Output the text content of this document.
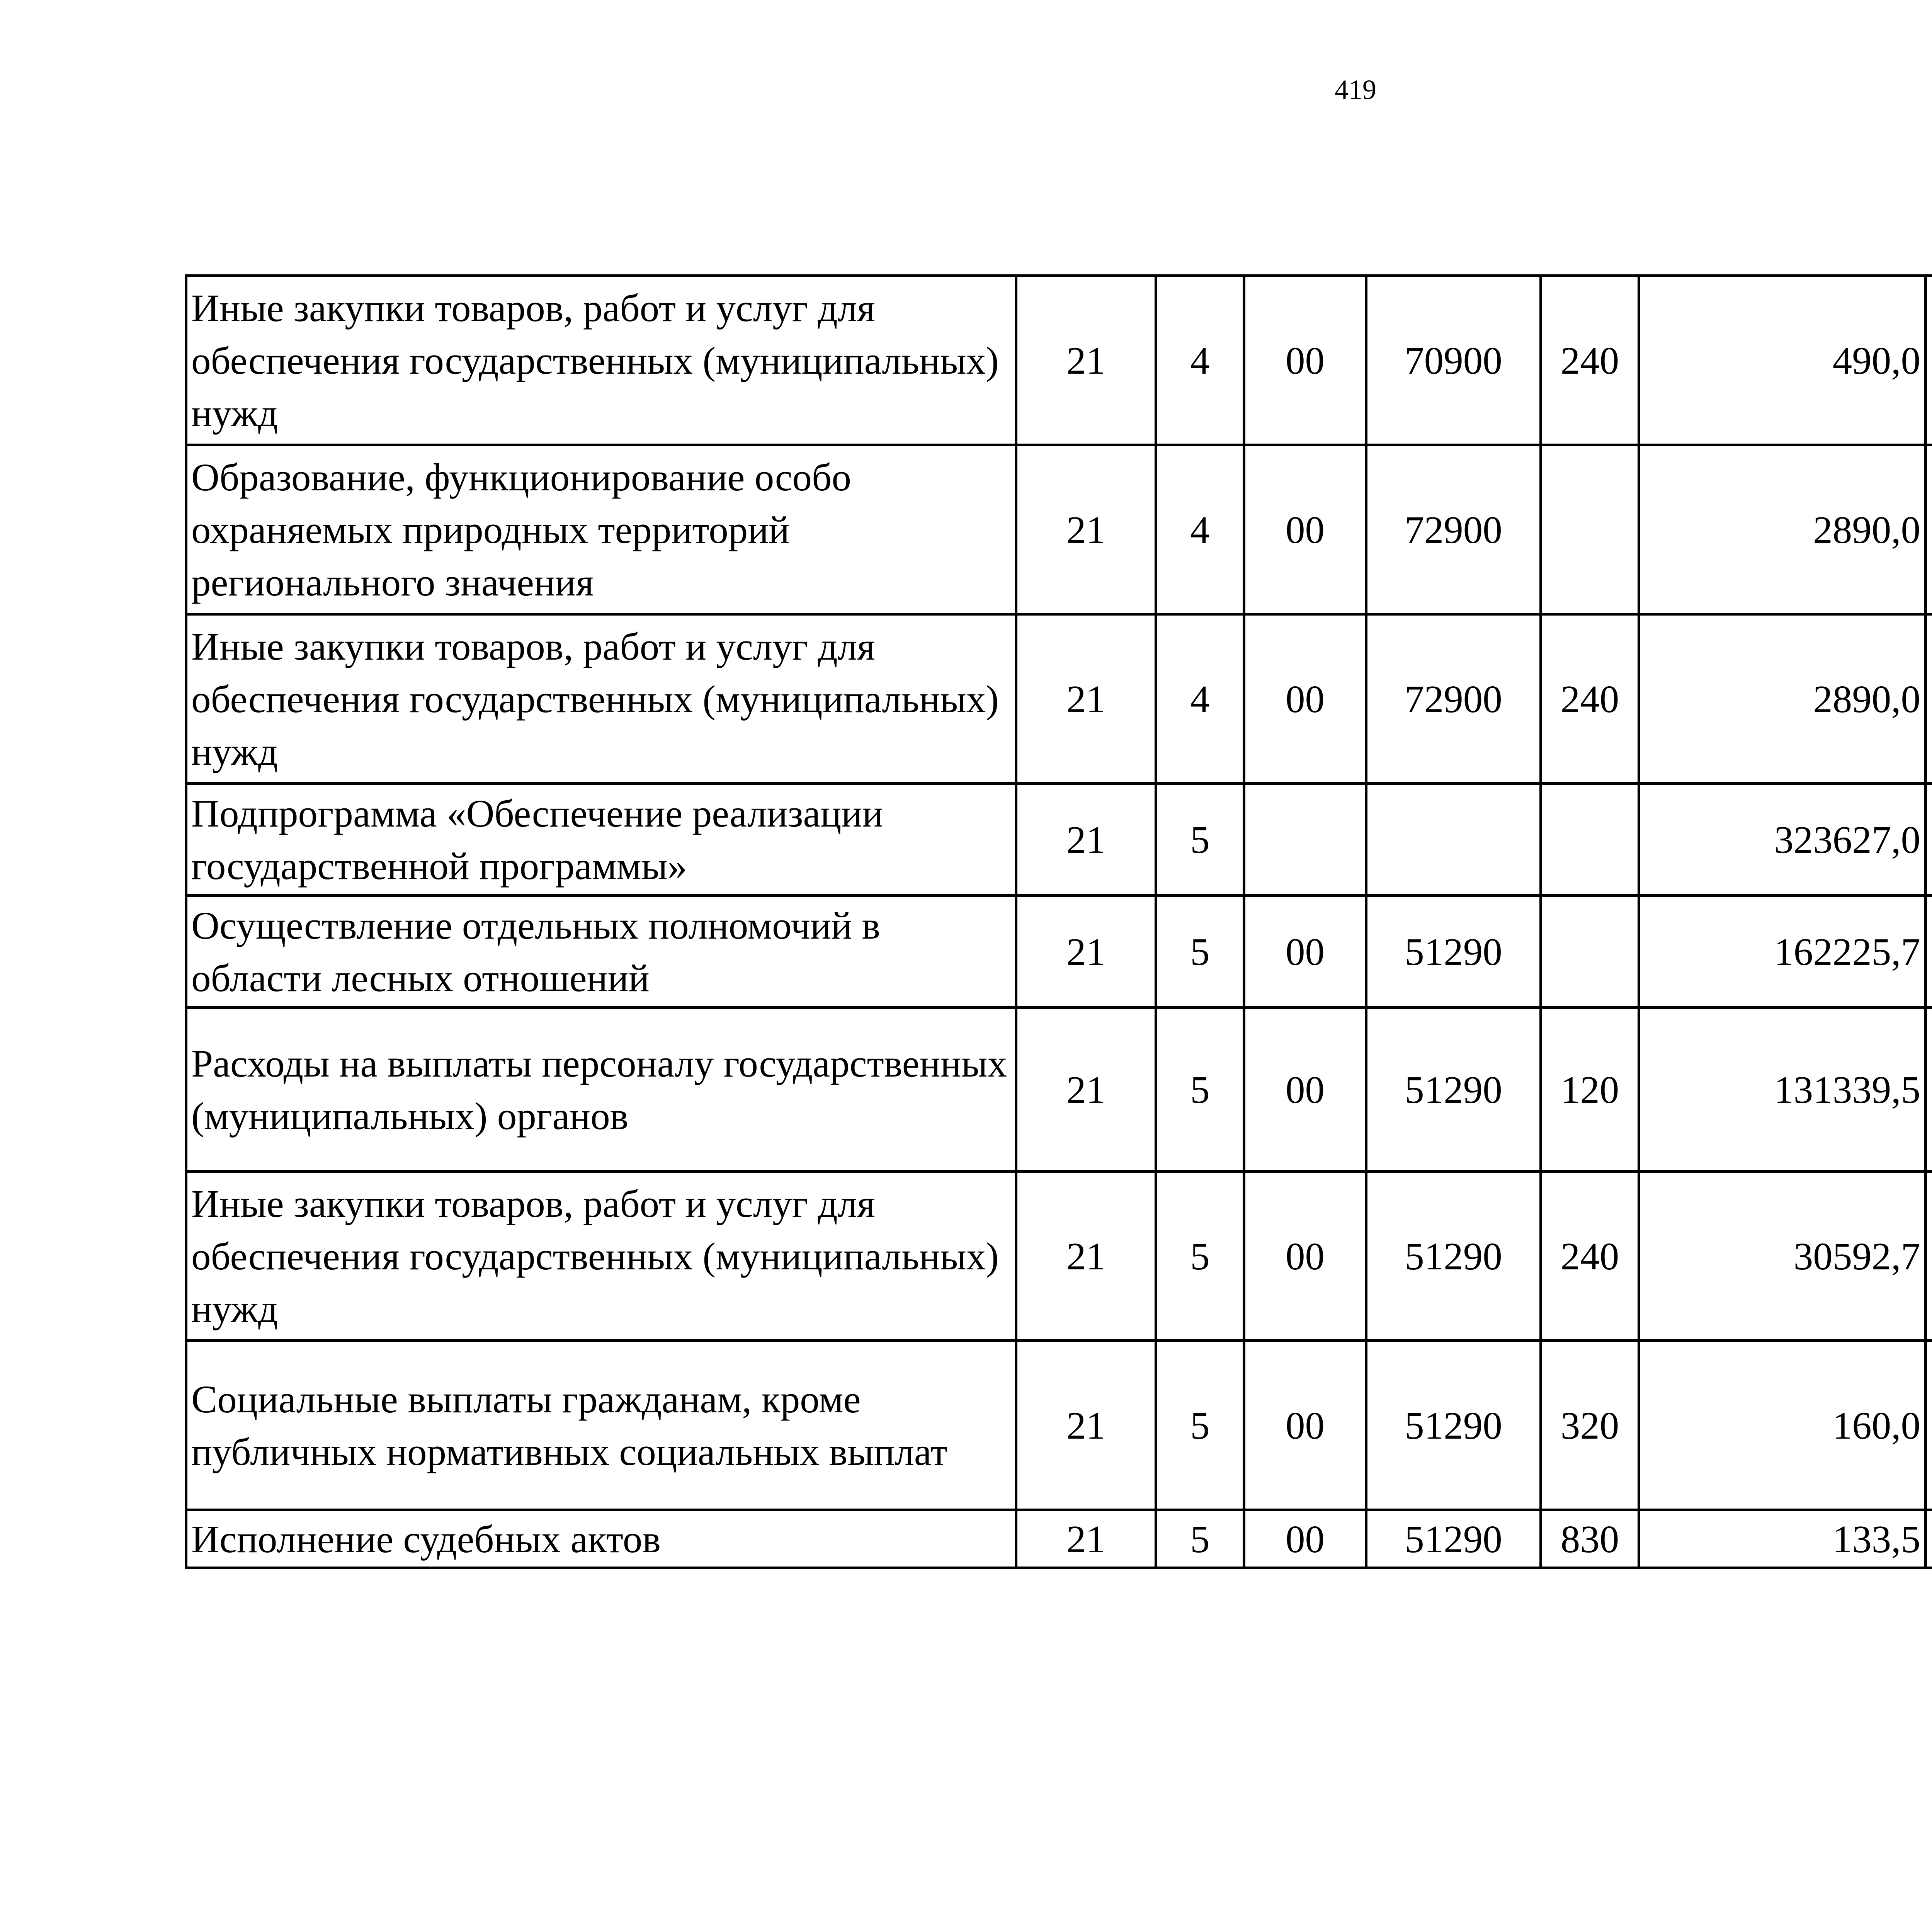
419
Иные закупки товаров, работ и услуг для обеспечения государственных (муниципальных) нужд	21	4	00	70900	240	490,0		
Образование, функционирование особо охраняемых природных территорий регионального значения	21	4	00	72900		2890,0		
Иные закупки товаров, работ и услуг для обеспечения государственных (муниципальных) нужд	21	4	00	72900	240	2890,0		
Подпрограмма «Обеспечение реализации государственной программы»	21	5				323627,0		
Осуществление отдельных полномочий в области лесных отношений	21	5	00	51290		162225,7		
Расходы на выплаты персоналу государственных (муниципальных) органов	21	5	00	51290	120	131339,5		
Иные закупки товаров, работ и услуг для обеспечения государственных (муниципальных) нужд	21	5	00	51290	240	30592,7		
Социальные выплаты гражданам, кроме публичных нормативных социальных выплат	21	5	00	51290	320	160,0		
Исполнение судебных актов	21	5	00	51290	830	133,5		
